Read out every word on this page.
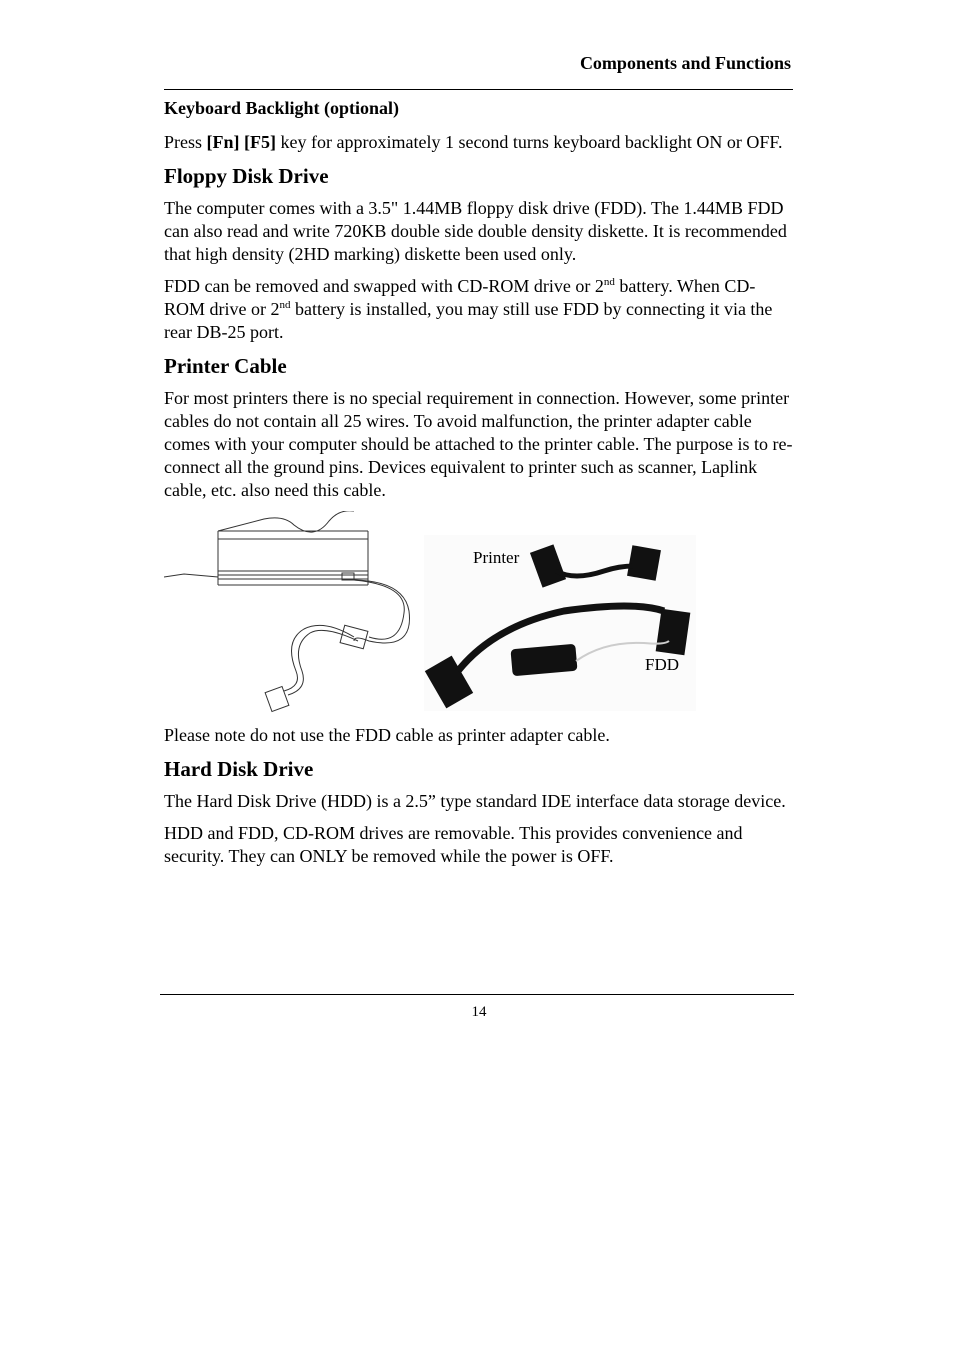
Components and Functions
Keyboard Backlight (optional)

Press [Fn] [F5] key for approximately 1 second turns keyboard backlight ON or OFF.

Floppy Disk Drive

The computer comes with a 3.5" 1.44MB floppy disk drive (FDD). The 1.44MB FDD can also read and write 720KB double side double density diskette. It is recommended that high density (2HD marking) diskette been used only.

FDD can be removed and swapped with CD-ROM drive or 2nd battery. When CD-ROM drive or 2nd battery is installed, you may still use FDD by connecting it via the rear DB-25 port.

Printer Cable

For most printers there is no special requirement in connection. However, some printer cables do not contain all 25 wires. To avoid malfunction, the printer adapter cable comes with your computer should be attached to the printer cable. The purpose is to re-connect all the ground pins. Devices equivalent to printer such as scanner, Laplink cable, etc. also need this cable.

Printer
FDD

Please note do not use the FDD cable as printer adapter cable.

Hard Disk Drive

The Hard Disk Drive (HDD) is a 2.5” type standard IDE interface data storage device.

HDD and FDD, CD-ROM drives are removable. This provides convenience and security. They can ONLY be removed while the power is OFF.

14
